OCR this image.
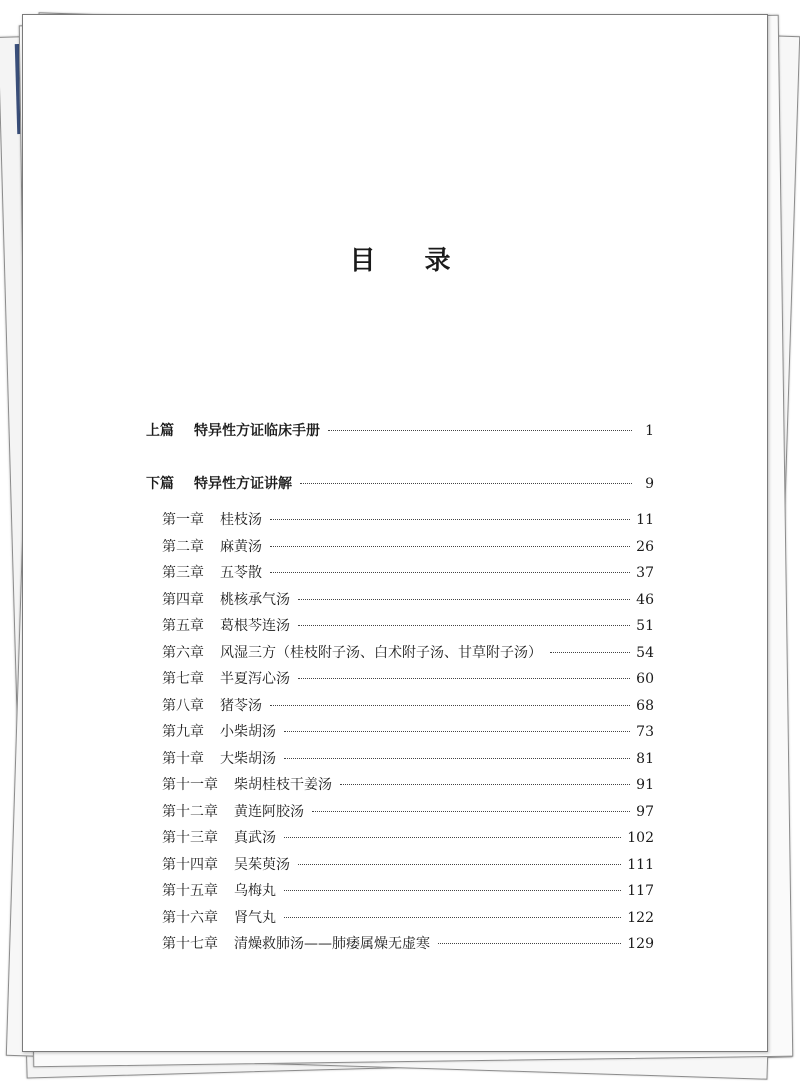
目 录
上篇 特异性方证临床手册	1
下篇 特异性方证讲解	9
第一章 桂枝汤	11
第二章 麻黄汤	26
第三章 五苓散	37
第四章 桃核承气汤	46
第五章 葛根芩连汤	51
第六章 风湿三方（桂枝附子汤、白术附子汤、甘草附子汤）	54
第七章 半夏泻心汤	60
第八章 猪苓汤	68
第九章 小柴胡汤	73
第十章 大柴胡汤	81
第十一章 柴胡桂枝干姜汤	91
第十二章 黄连阿胶汤	97
第十三章 真武汤	102
第十四章 吴茱萸汤	111
第十五章 乌梅丸	117
第十六章 肾气丸	122
第十七章 清燥救肺汤——肺痿属燥无虚寒	129
